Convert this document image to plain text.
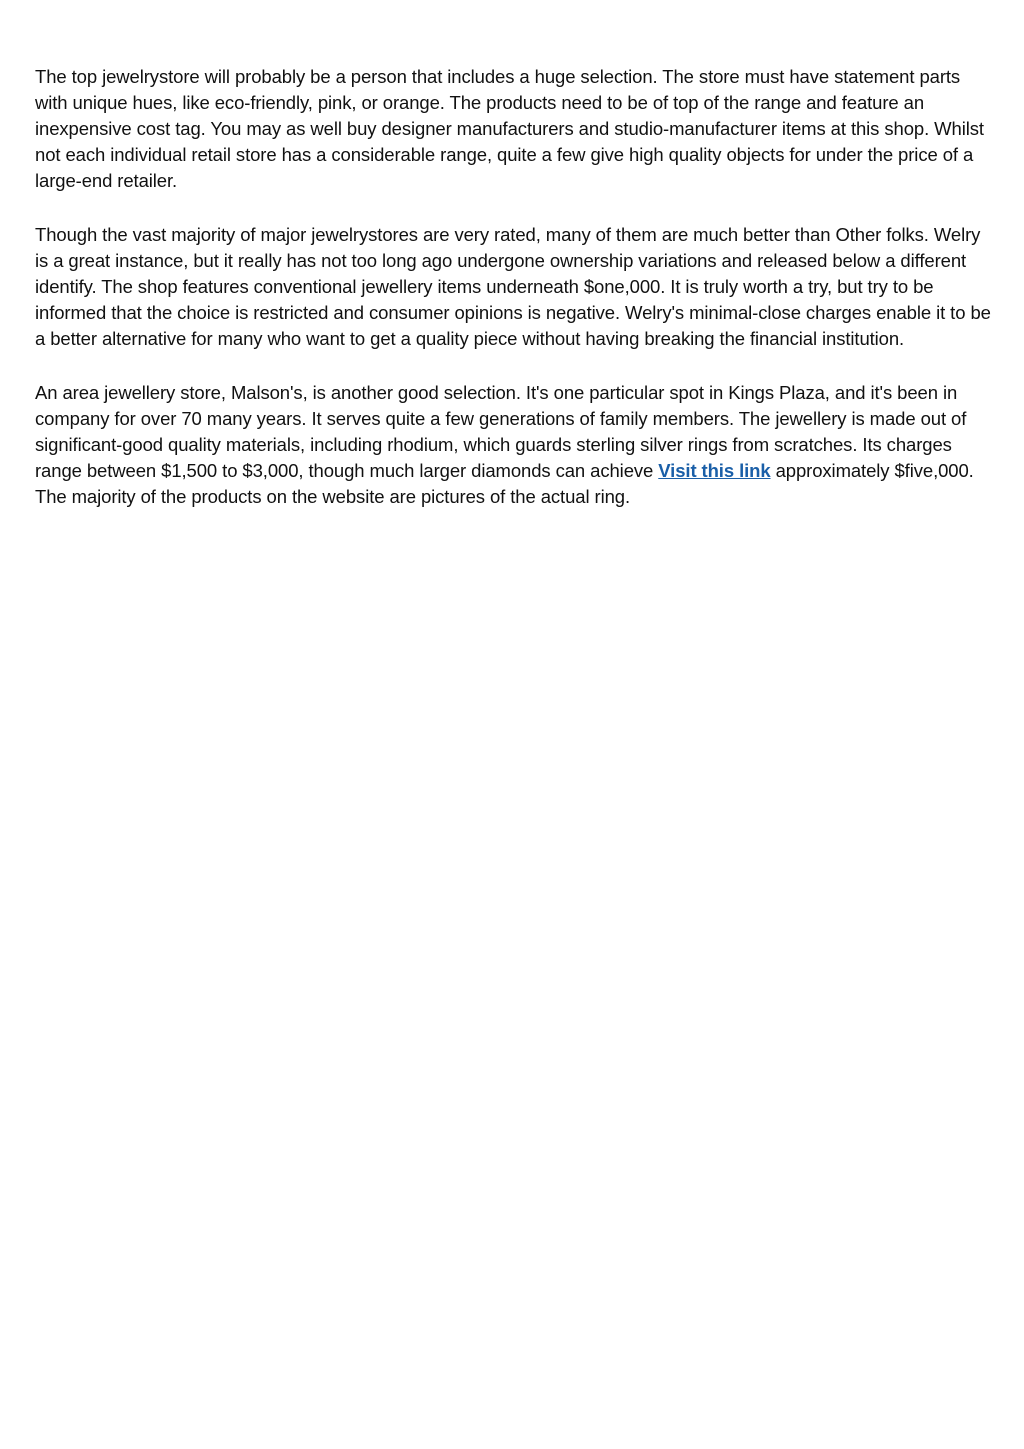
The top jewelrystore will probably be a person that includes a huge selection. The store must have statement parts with unique hues, like eco-friendly, pink, or orange. The products need to be of top of the range and feature an inexpensive cost tag. You may as well buy designer manufacturers and studio-manufacturer items at this shop. Whilst not each individual retail store has a considerable range, quite a few give high quality objects for under the price of a large-end retailer.

Though the vast majority of major jewelrystores are very rated, many of them are much better than Other folks. Welry is a great instance, but it really has not too long ago undergone ownership variations and released below a different identify. The shop features conventional jewellery items underneath $one,000. It is truly worth a try, but try to be informed that the choice is restricted and consumer opinions is negative. Welry's minimal-close charges enable it to be a better alternative for many who want to get a quality piece without having breaking the financial institution.

An area jewellery store, Malson's, is another good selection. It's one particular spot in Kings Plaza, and it's been in company for over 70 many years. It serves quite a few generations of family members. The jewellery is made out of significant-good quality materials, including rhodium, which guards sterling silver rings from scratches. Its charges range between $1,500 to $3,000, though much larger diamonds can achieve Visit this link approximately $five,000. The majority of the products on the website are pictures of the actual ring.
